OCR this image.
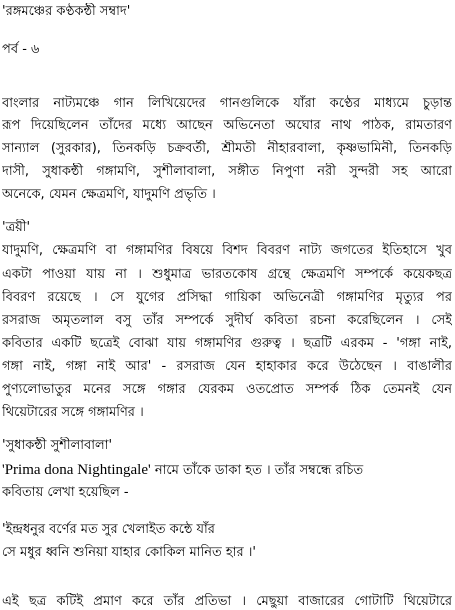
'রঙ্গমঞ্চের কণ্ঠকন্ঠী সম্বাদ'
পর্ব - ৬
বাংলার নাট্যমঞ্চে গান লিখিয়েদের গানগুলিকে যাঁরা কণ্ঠের মাধ্যমে চুড়ান্ত
রূপ দিয়েছিলেন তাঁদের মধ্যে আছেন অভিনেতা অঘোর নাথ পাঠক, রামতারণ
সান্যাল (সুরকার), তিনকড়ি চক্রবর্তী, শ্রীমতী নীহারবালা, কৃষ্ণভামিনী, তিনকড়ি
দাসী, সুধাকন্ঠী গঙ্গামণি, সুশীলাবালা, সঙ্গীত নিপুণা নরী সুন্দরী সহ আরো
অনেকে, যেমন ক্ষেত্রমণি, যাদুমণি প্রভৃতি ।
'ত্রয়ী'
যাদুমণি, ক্ষেত্রমণি বা গঙ্গামণির বিষয়ে বিশদ বিবরণ নাট্য জগতের ইতিহাসে খুব
একটা পাওয়া যায় না । শুধুমাত্র ভারতকোষ গ্রন্থে ক্ষেত্রমণি সম্পর্কে কয়েকছত্র
বিবরণ রয়েছে । সে যুগের প্রসিদ্ধা গায়িকা অভিনেত্রী গঙ্গামণির মৃত্যুর পর
রসরাজ অমৃতলাল বসু তাঁর সম্পর্কে সুদীর্ঘ কবিতা রচনা করেছিলেন । সেই
কবিতার একটি ছত্রেই বোঝা যায় গঙ্গামণির গুরুত্ব । ছত্রটি এরকম - 'গঙ্গা নাই,
গঙ্গা নাই, গঙ্গা নাই আর' - রসরাজ যেন হাহাকার করে উঠেছেন । বাঙালীর
পুণ্যলোভাতুর মনের সঙ্গে গঙ্গার যেরকম ওতপ্রোত সম্পর্ক ঠিক তেমনই যেন
থিয়েটারের সঙ্গে গঙ্গামণির ।
'সুধাকন্ঠী সুশীলাবালা'
'Prima dona Nightingale' নামে তাঁকে ডাকা হত । তাঁর সম্বন্ধে রচিত
কবিতায় লেখা হয়েছিল -
'ইন্দ্রধনুর বর্ণের মত সুর খেলাইত কন্ঠে যাঁর
সে মধুর ধ্বনি শুনিয়া যাহার কোকিল মানিত হার ।'
এই ছত্র কটিই প্রমাণ করে তাঁর প্রতিভা । মেছুয়া বাজারের গোটাটি থিয়েটারে
